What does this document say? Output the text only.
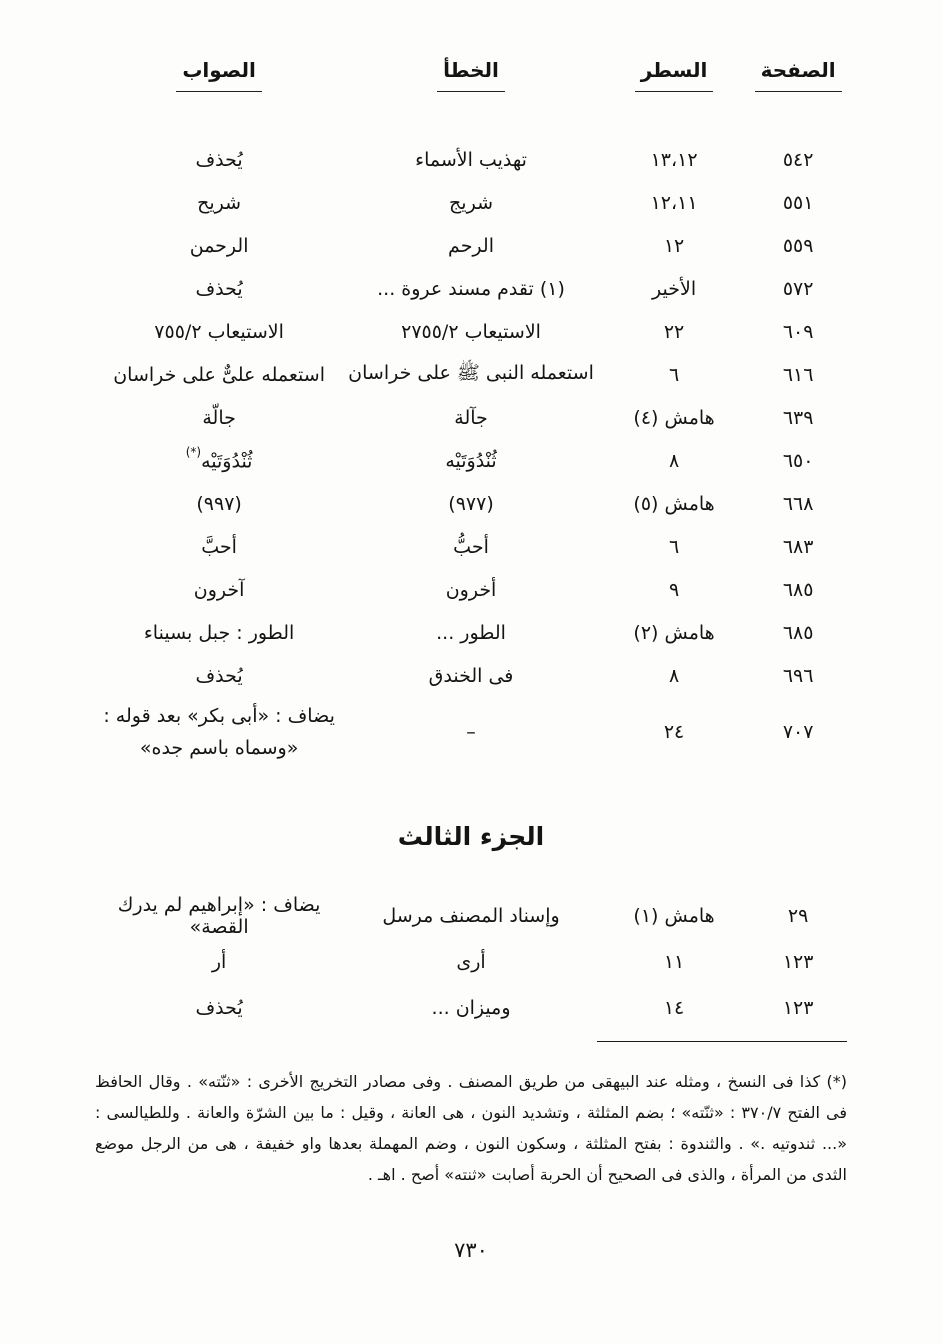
الصفحة
السطر
الخطأ
الصواب
٥٤٢
١٣،١٢
تهذيب الأسماء
يُحذف
٥٥١
١٢،١١
شريج
شريح
٥٥٩
١٢
الرحم
الرحمن
٥٧٢
الأخير
(١) تقدم مسند عروة ...
يُحذف
٦٠٩
٢٢
الاستيعاب ٢٧٥٥/٢
الاستيعاب ٧٥٥/٢
٦١٦
٦
استعمله النبى ﷺ على خراسان
استعمله علىٌّ على خراسان
٦٣٩
هامش (٤)
جآلة
جالّة
٦٥٠
٨
ثُنْدُوَتَيْه
ثُنْدُوَتَيْه(*)
٦٦٨
هامش (٥)
(٩٧٧)
(٩٩٧)
٦٨٣
٦
أحبُّ
أحبَّ
٦٨٥
٩
أخرون
آخرون
٦٨٥
هامش (٢)
الطور ...
الطور : جبل بسيناء
٦٩٦
٨
فى الخندق
يُحذف
٧٠٧
٢٤
–
يضاف : «أبى بكر» بعد قوله : «وسماه باسم جده»
الجزء الثالث
٢٩
هامش (١)
وإسناد المصنف مرسل
يضاف : «إبراهيم لم يدرك القصة»
١٢٣
١١
أرى
أر
١٢٣
١٤
وميزان ...
يُحذف

(*) كذا فى النسخ ، ومثله عند البيهقى من طريق المصنف . وفى مصادر التخريج الأخرى : «ثنّته» . وقال الحافظ فى الفتح ٣٧٠/٧ : «ثنّته» ؛ بضم المثلثة ، وتشديد النون ، هى العانة ، وقيل : ما بين الشرّة والعانة . وللطيالسى : «... ثندوتيه .» . والثندوة : بفتح المثلثة ، وسكون النون ، وضم المهملة بعدها واو خفيفة ، هى من الرجل موضع الثدى من المرأة ، والذى فى الصحيح أن الحربة أصابت «ثنته» أصح . اهـ .

٧٣٠
